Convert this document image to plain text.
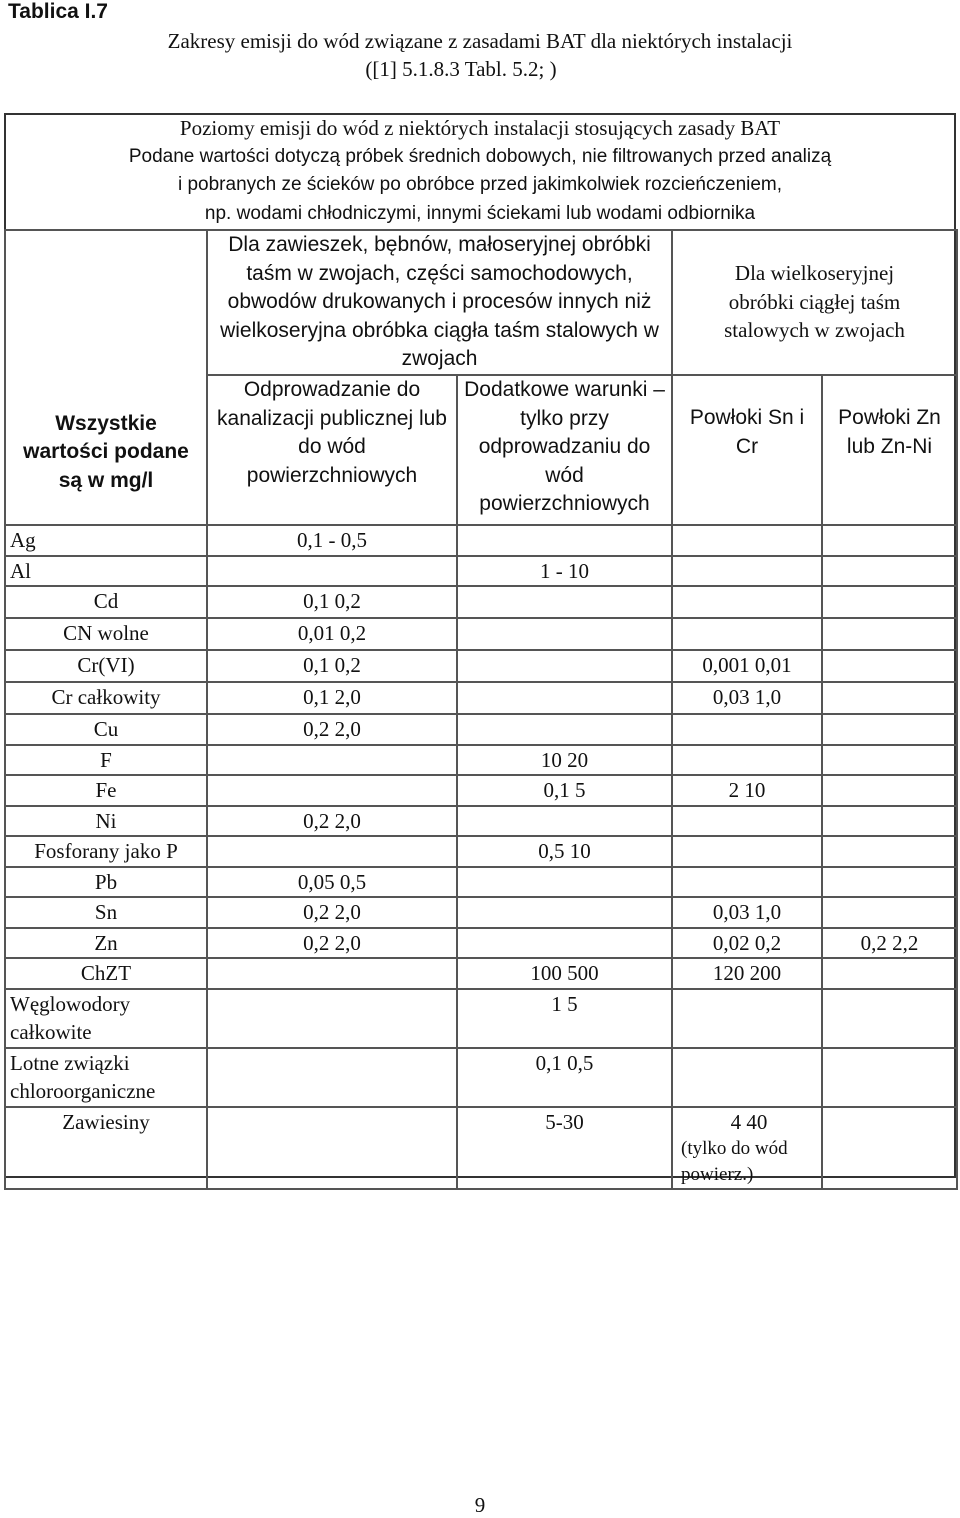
Tablica I.7
Zakresy emisji do wód związane z zasadami BAT dla niektórych instalacji
([1] 5.1.8.3 Tabl. 5.2; )
Poziomy emisji do wód z niektórych instalacji stosujących zasady BAT
Podane wartości dotyczą próbek średnich dobowych, nie filtrowanych przed analizą
i pobranych ze ścieków po obróbce przed jakimkolwiek rozcieńczeniem,
np. wodami chłodniczymi, innymi ściekami lub wodami odbiornika
Wszystkie wartości podane są w mg/l	Dla zawieszek, bębnów, małoseryjnej obróbki taśm w zwojach, części samochodowych, obwodów drukowanych i procesów innych niż wielkoseryjna obróbka ciągła taśm stalowych w zwojach		Dla wielkoseryjnej obróbki ciągłej taśm stalowych w zwojach	
	Odprowadzanie do kanalizacji publicznej lub do wód powierzchniowych	Dodatkowe warunki – tylko przy odprowadzaniu do wód powierzchniowych	Powłoki Sn i Cr	Powłoki Zn lub Zn-Ni
Ag	0,1 - 0,5			
Al		1 - 10		
Cd	0,1 0,2			
CN wolne	0,01 0,2			
Cr(VI)	0,1 0,2		0,001 0,01	
Cr całkowity	0,1 2,0		0,03 1,0	
Cu	0,2 2,0			
F		10 20		
Fe		0,1 5	2 10	
Ni	0,2 2,0			
Fosforany jako P		0,5 10		
Pb	0,05 0,5			
Sn	0,2 2,0		0,03 1,0	
Zn	0,2 2,0		0,02 0,2	0,2 2,2
ChZT		100 500	120 200	
Węglowodory całkowite		1 5		
Lotne związki chloroorganiczne		0,1 0,5		
Zawiesiny		5-30	4 40
(tylko do wód powierz.)	

9
